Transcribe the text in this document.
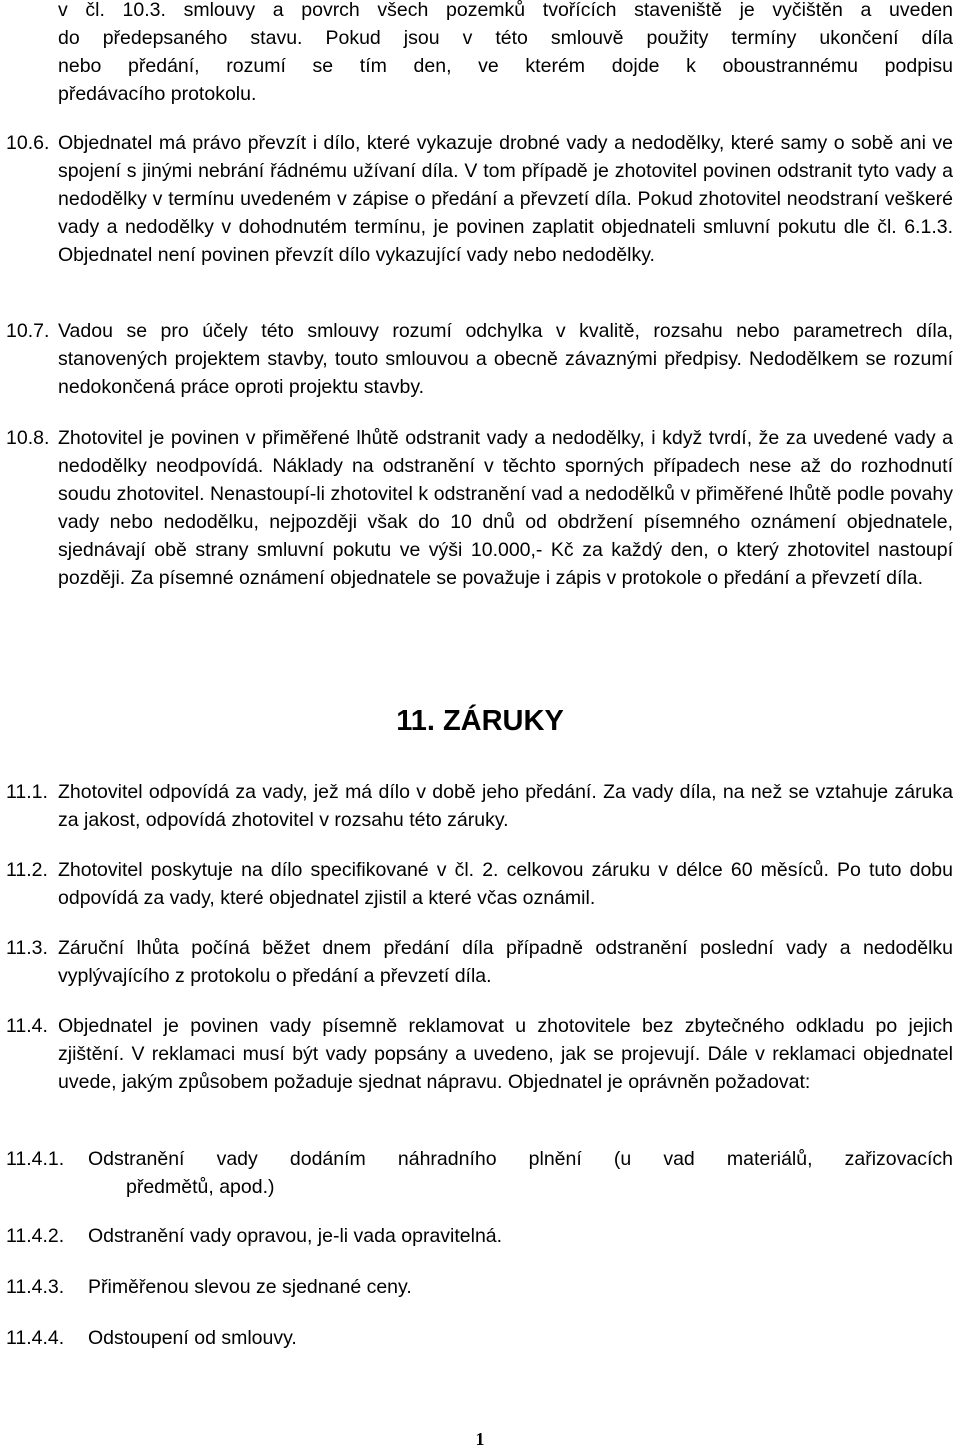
v čl. 10.3. smlouvy a povrch všech pozemků tvořících staveniště je vyčištěn a uveden
do předepsaného stavu. Pokud jsou v této smlouvě použity termíny ukončení díla
nebo předání, rozumí se tím den, ve kterém dojde k oboustrannému podpisu
předávacího protokolu.
10.6. Objednatel má právo převzít i dílo, které vykazuje drobné vady a nedodělky, které samy o sobě ani ve spojení s jinými nebrání řádnému užívaní díla. V tom případě je zhotovitel povinen odstranit tyto vady a nedodělky v termínu uvedeném v zápise o předání a převzetí díla. Pokud zhotovitel neodstraní veškeré vady a nedodělky v dohodnutém termínu, je povinen zaplatit objednateli smluvní pokutu dle čl. 6.1.3. Objednatel není povinen převzít dílo vykazující vady nebo nedodělky.
10.7. Vadou se pro účely této smlouvy rozumí odchylka v kvalitě, rozsahu nebo parametrech díla, stanovených projektem stavby, touto smlouvou a obecně závaznými předpisy. Nedodělkem se rozumí nedokončená práce oproti projektu stavby.
10.8. Zhotovitel je povinen v přiměřené lhůtě odstranit vady a nedodělky, i když tvrdí, že za uvedené vady a nedodělky neodpovídá. Náklady na odstranění v těchto sporných případech nese až do rozhodnutí soudu zhotovitel. Nenastoupí-li zhotovitel k odstranění vad a nedodělků v přiměřené lhůtě podle povahy vady nebo nedodělku, nejpozději však do 10 dnů od obdržení písemného oznámení objednatele, sjednávají obě strany smluvní pokutu ve výši 10.000,- Kč za každý den, o který zhotovitel nastoupí později. Za písemné oznámení objednatele se považuje i zápis v protokole o předání a převzetí díla.
11. ZÁRUKY
11.1. Zhotovitel odpovídá za vady, jež má dílo v době jeho předání. Za vady díla, na než se vztahuje záruka za jakost, odpovídá zhotovitel v rozsahu této záruky.
11.2. Zhotovitel poskytuje na dílo specifikované v čl. 2. celkovou záruku v délce 60 měsíců. Po tuto dobu odpovídá za vady, které objednatel zjistil a které včas oznámil.
11.3. Záruční lhůta počíná běžet dnem předání díla případně odstranění poslední vady a nedodělku vyplývajícího z protokolu o předání a převzetí díla.
11.4. Objednatel je povinen vady písemně reklamovat u zhotovitele bez zbytečného odkladu po jejich zjištění. V reklamaci musí být vady popsány a uvedeno, jak se projevují. Dále v reklamaci objednatel uvede, jakým způsobem požaduje sjednat nápravu. Objednatel je oprávněn požadovat:
11.4.1. Odstranění vady dodáním náhradního plnění (u vad materiálů, zařizovacích
předmětů, apod.)
11.4.2. Odstranění vady opravou, je-li vada opravitelná.
11.4.3. Přiměřenou slevou ze sjednané ceny.
11.4.4. Odstoupení od smlouvy.
1
